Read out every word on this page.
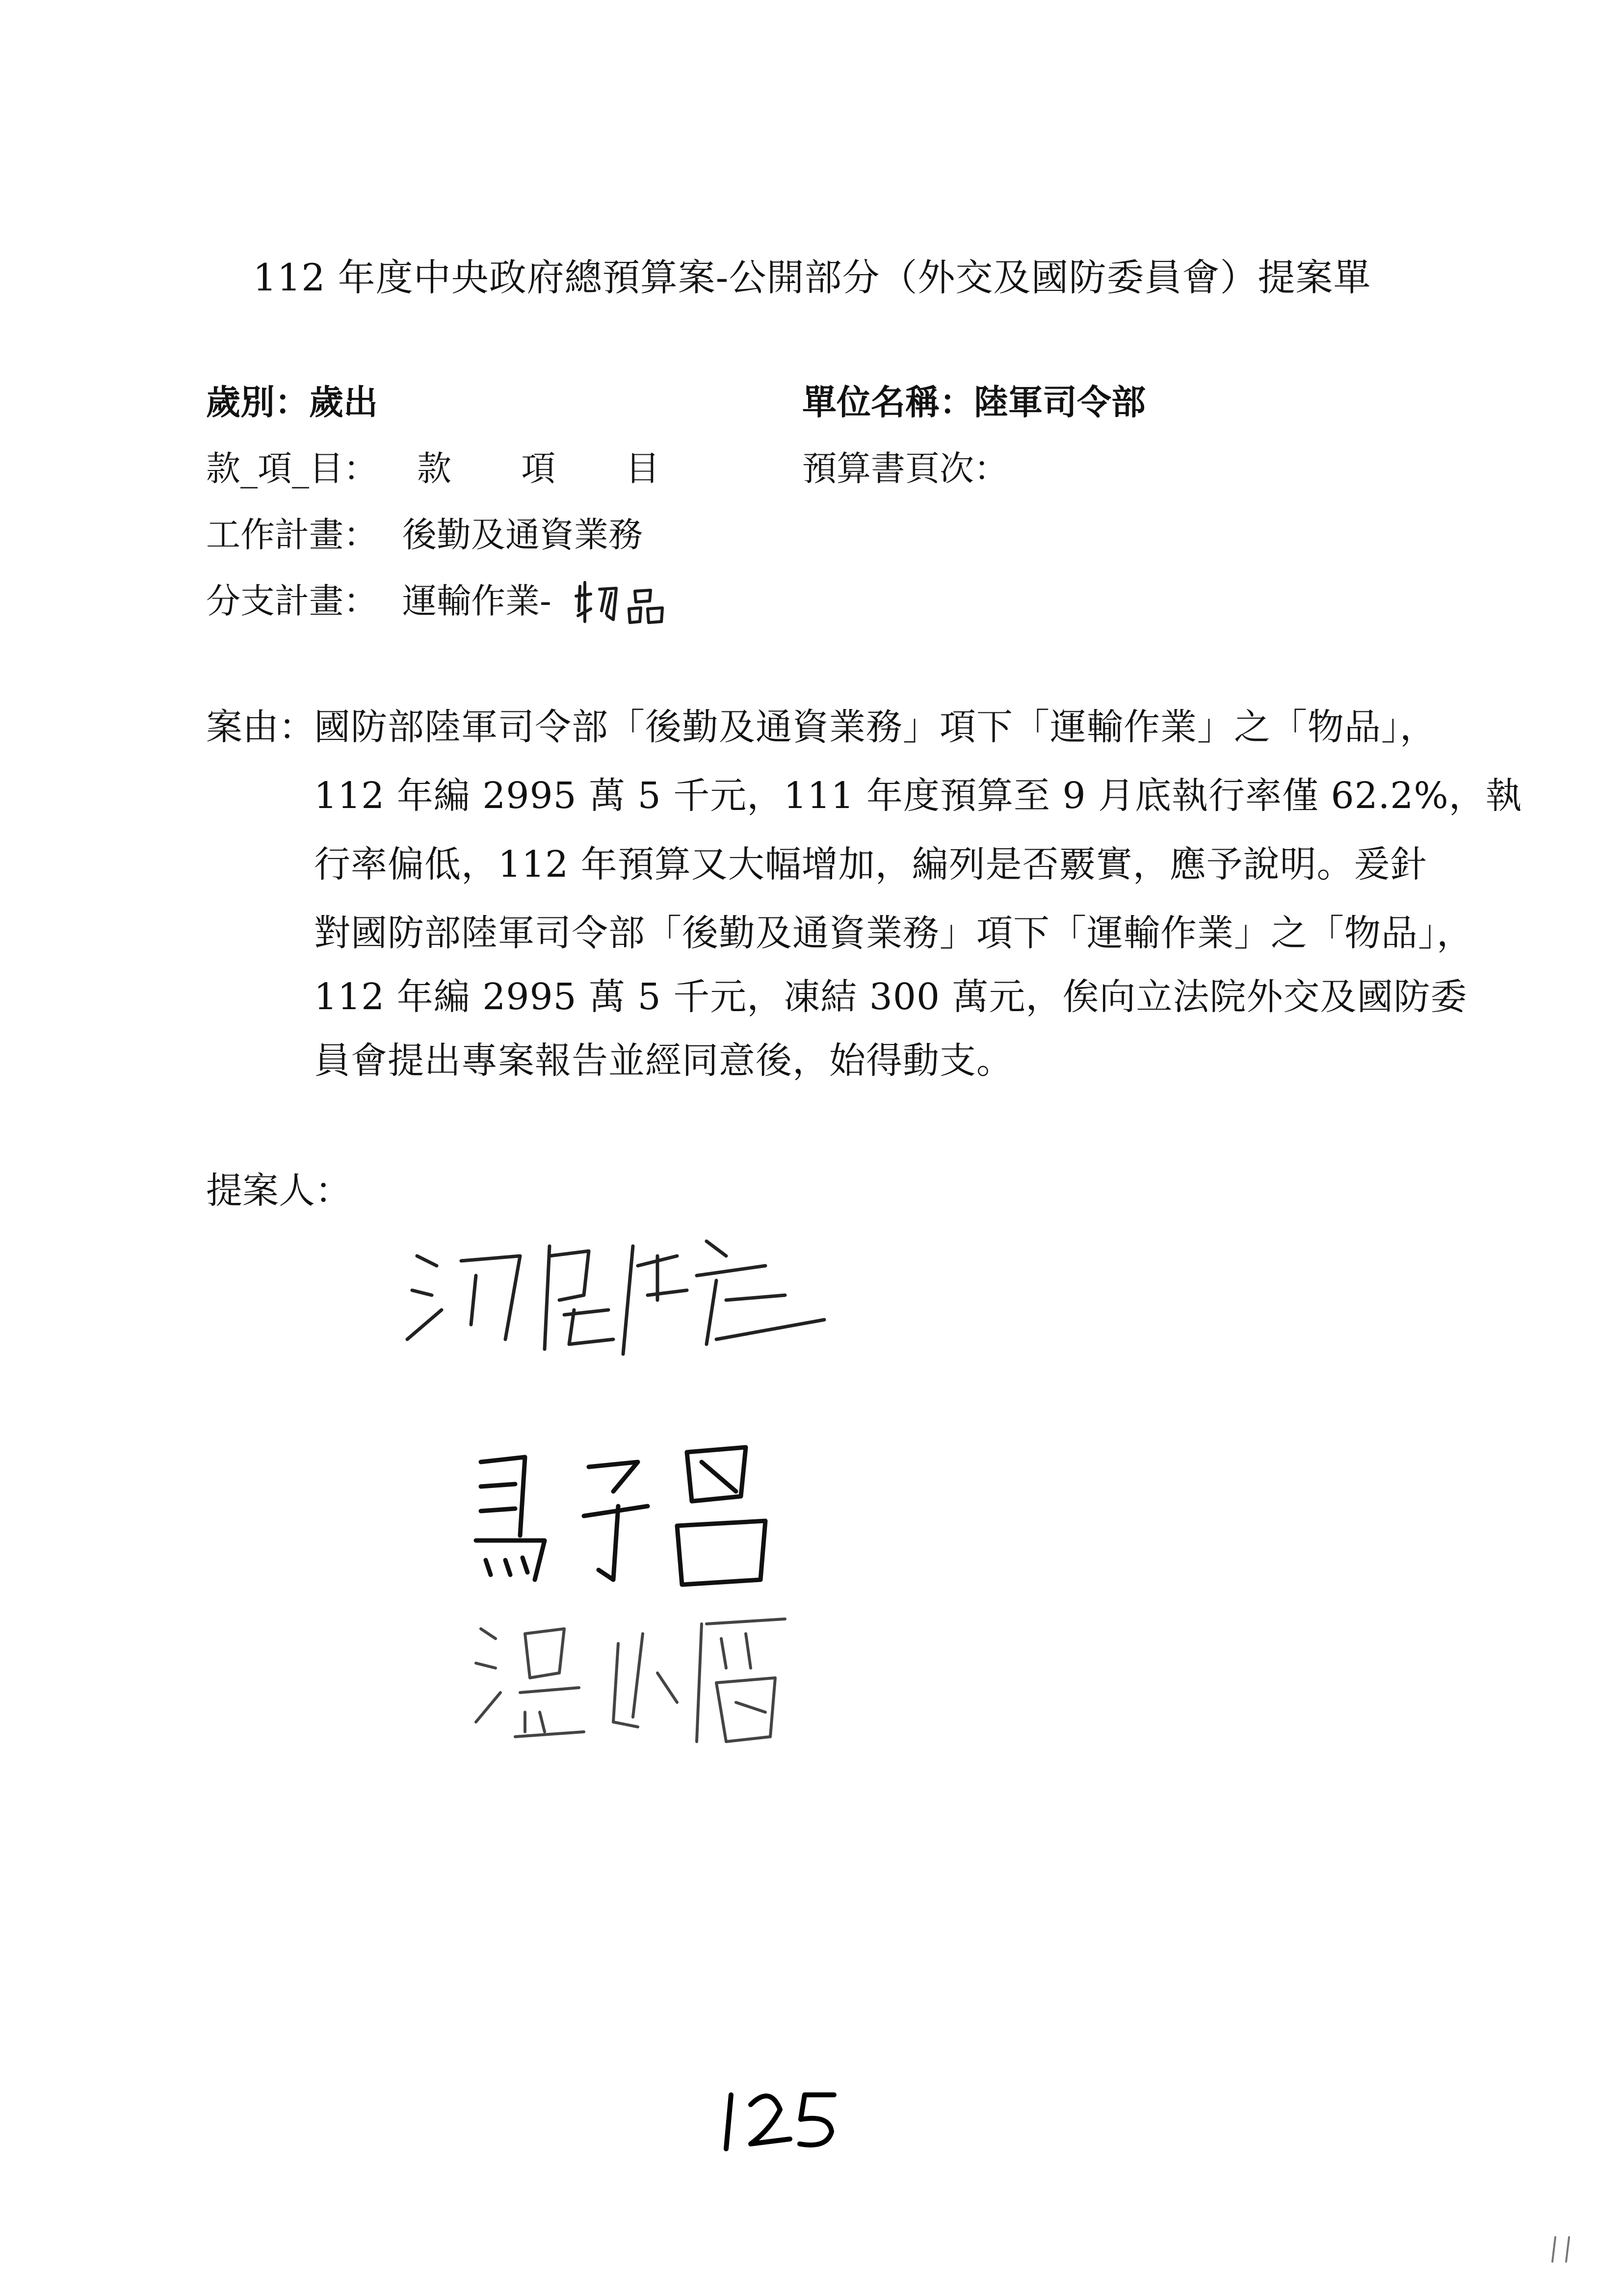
112 年度中央政府總預算案-公開部分（外交及國防委員會）提案單
歲別：歲出	單位名稱：陸軍司令部
款_項_目： 款 項 目	預算書頁次：
工作計畫： 後勤及通資業務
分支計畫： 運輸作業-
案由：
國防部陸軍司令部「後勤及通資業務」項下「運輸作業」之「物品」，
112 年編 2995 萬 5 千元，111 年度預算至 9 月底執行率僅 62.2%，執
行率偏低，112 年預算又大幅增加，編列是否覈實，應予說明。爰針
對國防部陸軍司令部「後勤及通資業務」項下「運輸作業」之「物品」，
112 年編 2995 萬 5 千元，凍結 300 萬元，俟向立法院外交及國防委
員會提出專案報告並經同意後，始得動支。
提案人：
